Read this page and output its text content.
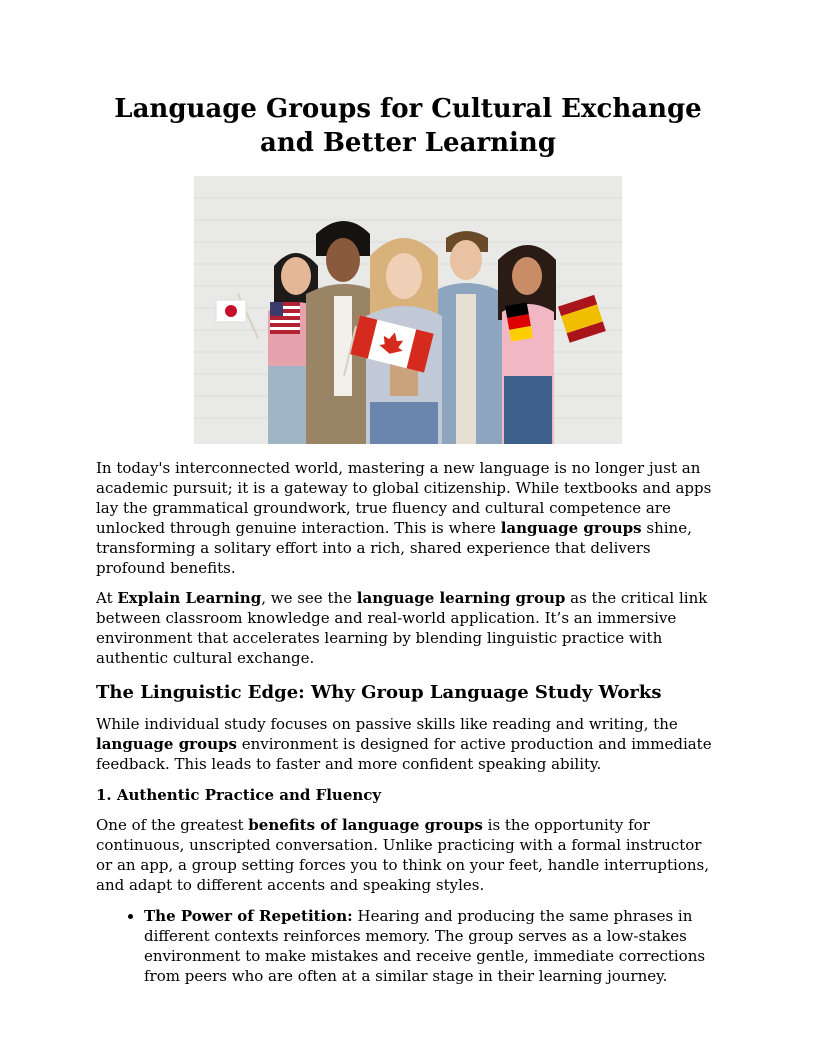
Language Groups for Cultural Exchange and Better Learning

In today's interconnected world, mastering a new language is no longer just an academic pursuit; it is a gateway to global citizenship. While textbooks and apps lay the grammatical groundwork, true fluency and cultural competence are unlocked through genuine interaction. This is where language groups shine, transforming a solitary effort into a rich, shared experience that delivers profound benefits.

At Explain Learning, we see the language learning group as the critical link between classroom knowledge and real-world application. It’s an immersive environment that accelerates learning by blending linguistic practice with authentic cultural exchange.

The Linguistic Edge: Why Group Language Study Works

While individual study focuses on passive skills like reading and writing, the language groups environment is designed for active production and immediate feedback. This leads to faster and more confident speaking ability.

1. Authentic Practice and Fluency

One of the greatest benefits of language groups is the opportunity for continuous, unscripted conversation. Unlike practicing with a formal instructor or an app, a group setting forces you to think on your feet, handle interruptions, and adapt to different accents and speaking styles.

• The Power of Repetition: Hearing and producing the same phrases in different contexts reinforces memory. The group serves as a low-stakes environment to make mistakes and receive gentle, immediate corrections from peers who are often at a similar stage in their learning journey.
